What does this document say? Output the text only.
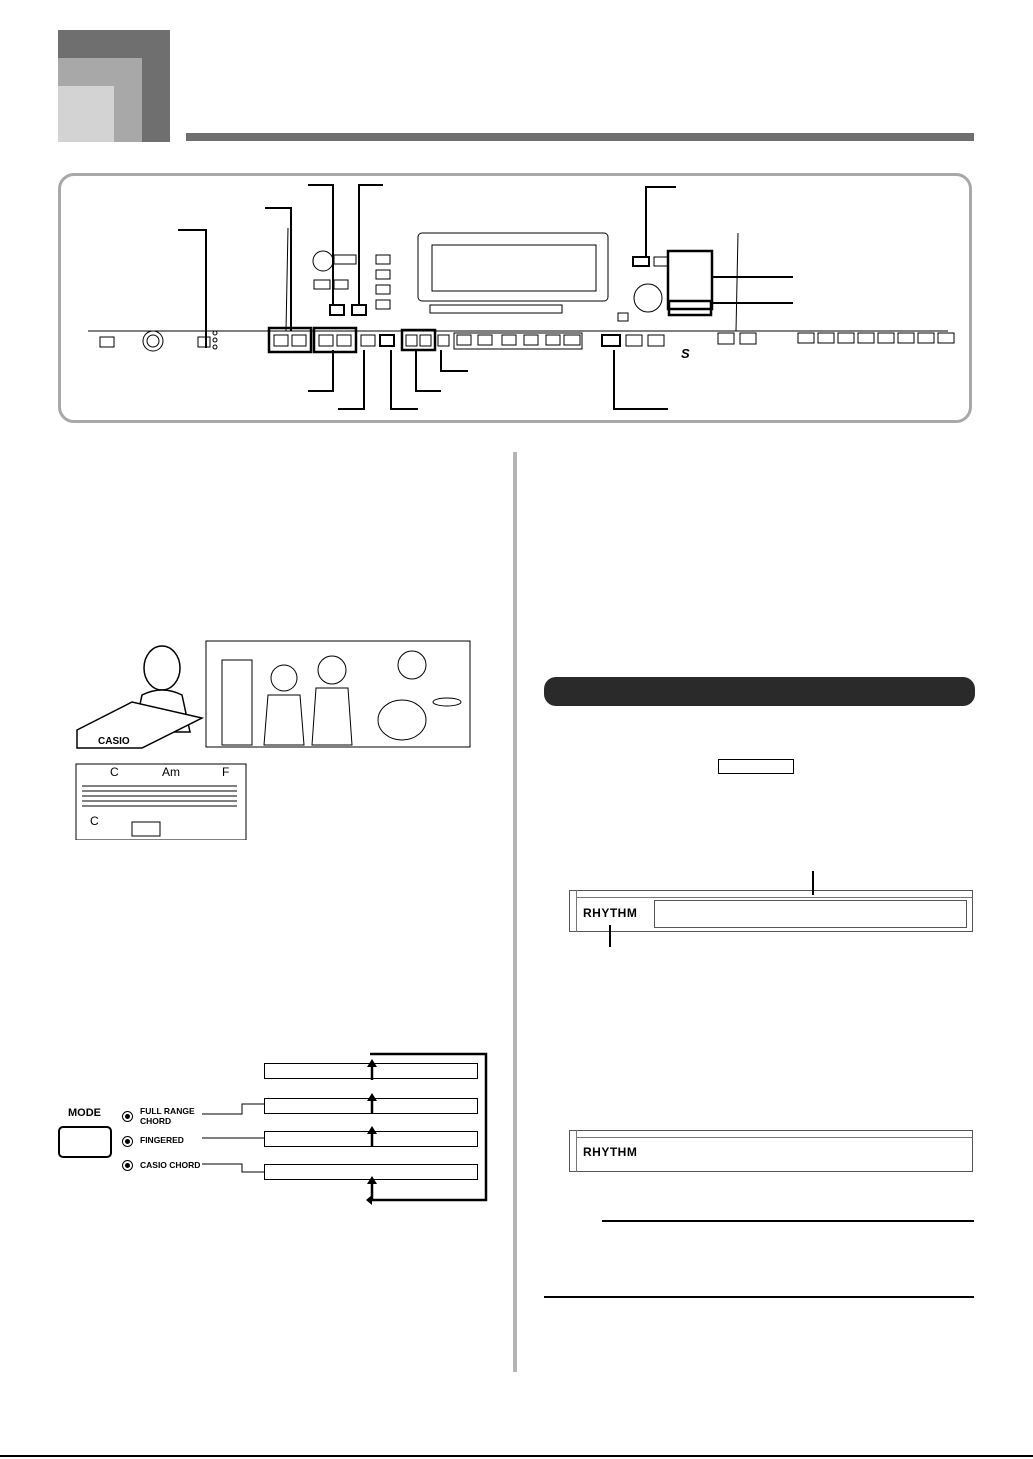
S
C	Am	F
C
CASIO
MODE	FULL RANGE
CHORD
FINGERED
CASIO CHORD
RHYTHM
RHYTHM
